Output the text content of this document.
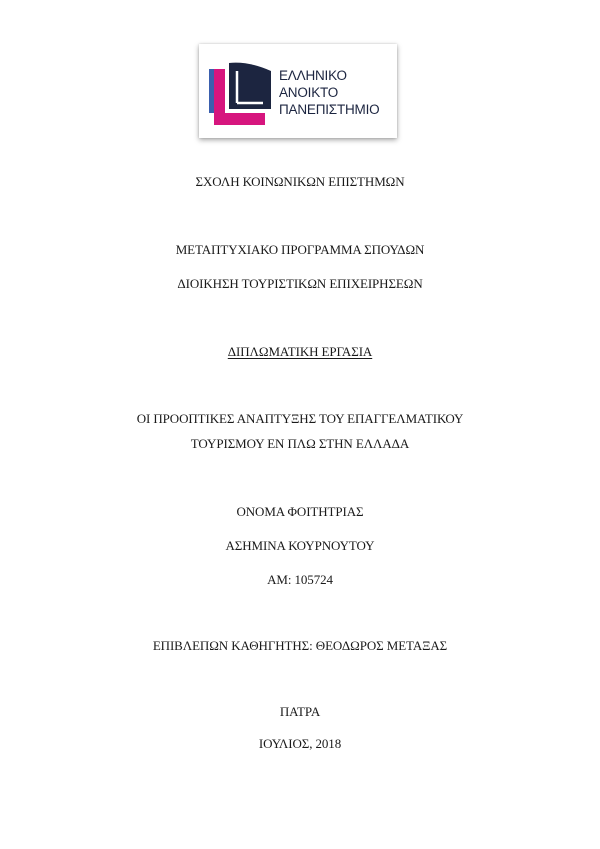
ΕΛΛΗΝΙΚΟ
ΑΝΟΙΚΤΟ
ΠΑΝΕΠΙΣΤΗΜΙΟ
ΣΧΟΛΗ ΚΟΙΝΩΝΙΚΩΝ ΕΠΙΣΤΗΜΩΝ
ΜΕΤΑΠΤΥΧΙΑΚΟ ΠΡΟΓΡΑΜΜΑ ΣΠΟΥΔΩΝ
ΔΙΟΙΚΗΣΗ ΤΟΥΡΙΣΤΙΚΩΝ ΕΠΙΧΕΙΡΗΣΕΩΝ
ΔΙΠΛΩΜΑΤΙΚΗ ΕΡΓΑΣΙΑ
ΟΙ ΠΡΟΟΠΤΙΚΕΣ ΑΝΑΠΤΥΞΗΣ ΤΟΥ ΕΠΑΓΓΕΛΜΑΤΙΚΟΥ
ΤΟΥΡΙΣΜΟΥ ΕΝ ΠΛΩ ΣΤΗΝ ΕΛΛΑΔΑ
ΟΝΟΜΑ ΦΟΙΤΗΤΡΙΑΣ
ΑΣΗΜΙΝΑ ΚΟΥΡΝΟΥΤΟΥ
ΑΜ: 105724
ΕΠΙΒΛΕΠΩΝ ΚΑΘΗΓΗΤΗΣ: ΘΕΟΔΩΡΟΣ ΜΕΤΑΞΑΣ
ΠΑΤΡΑ
ΙΟΥΛΙΟΣ, 2018
